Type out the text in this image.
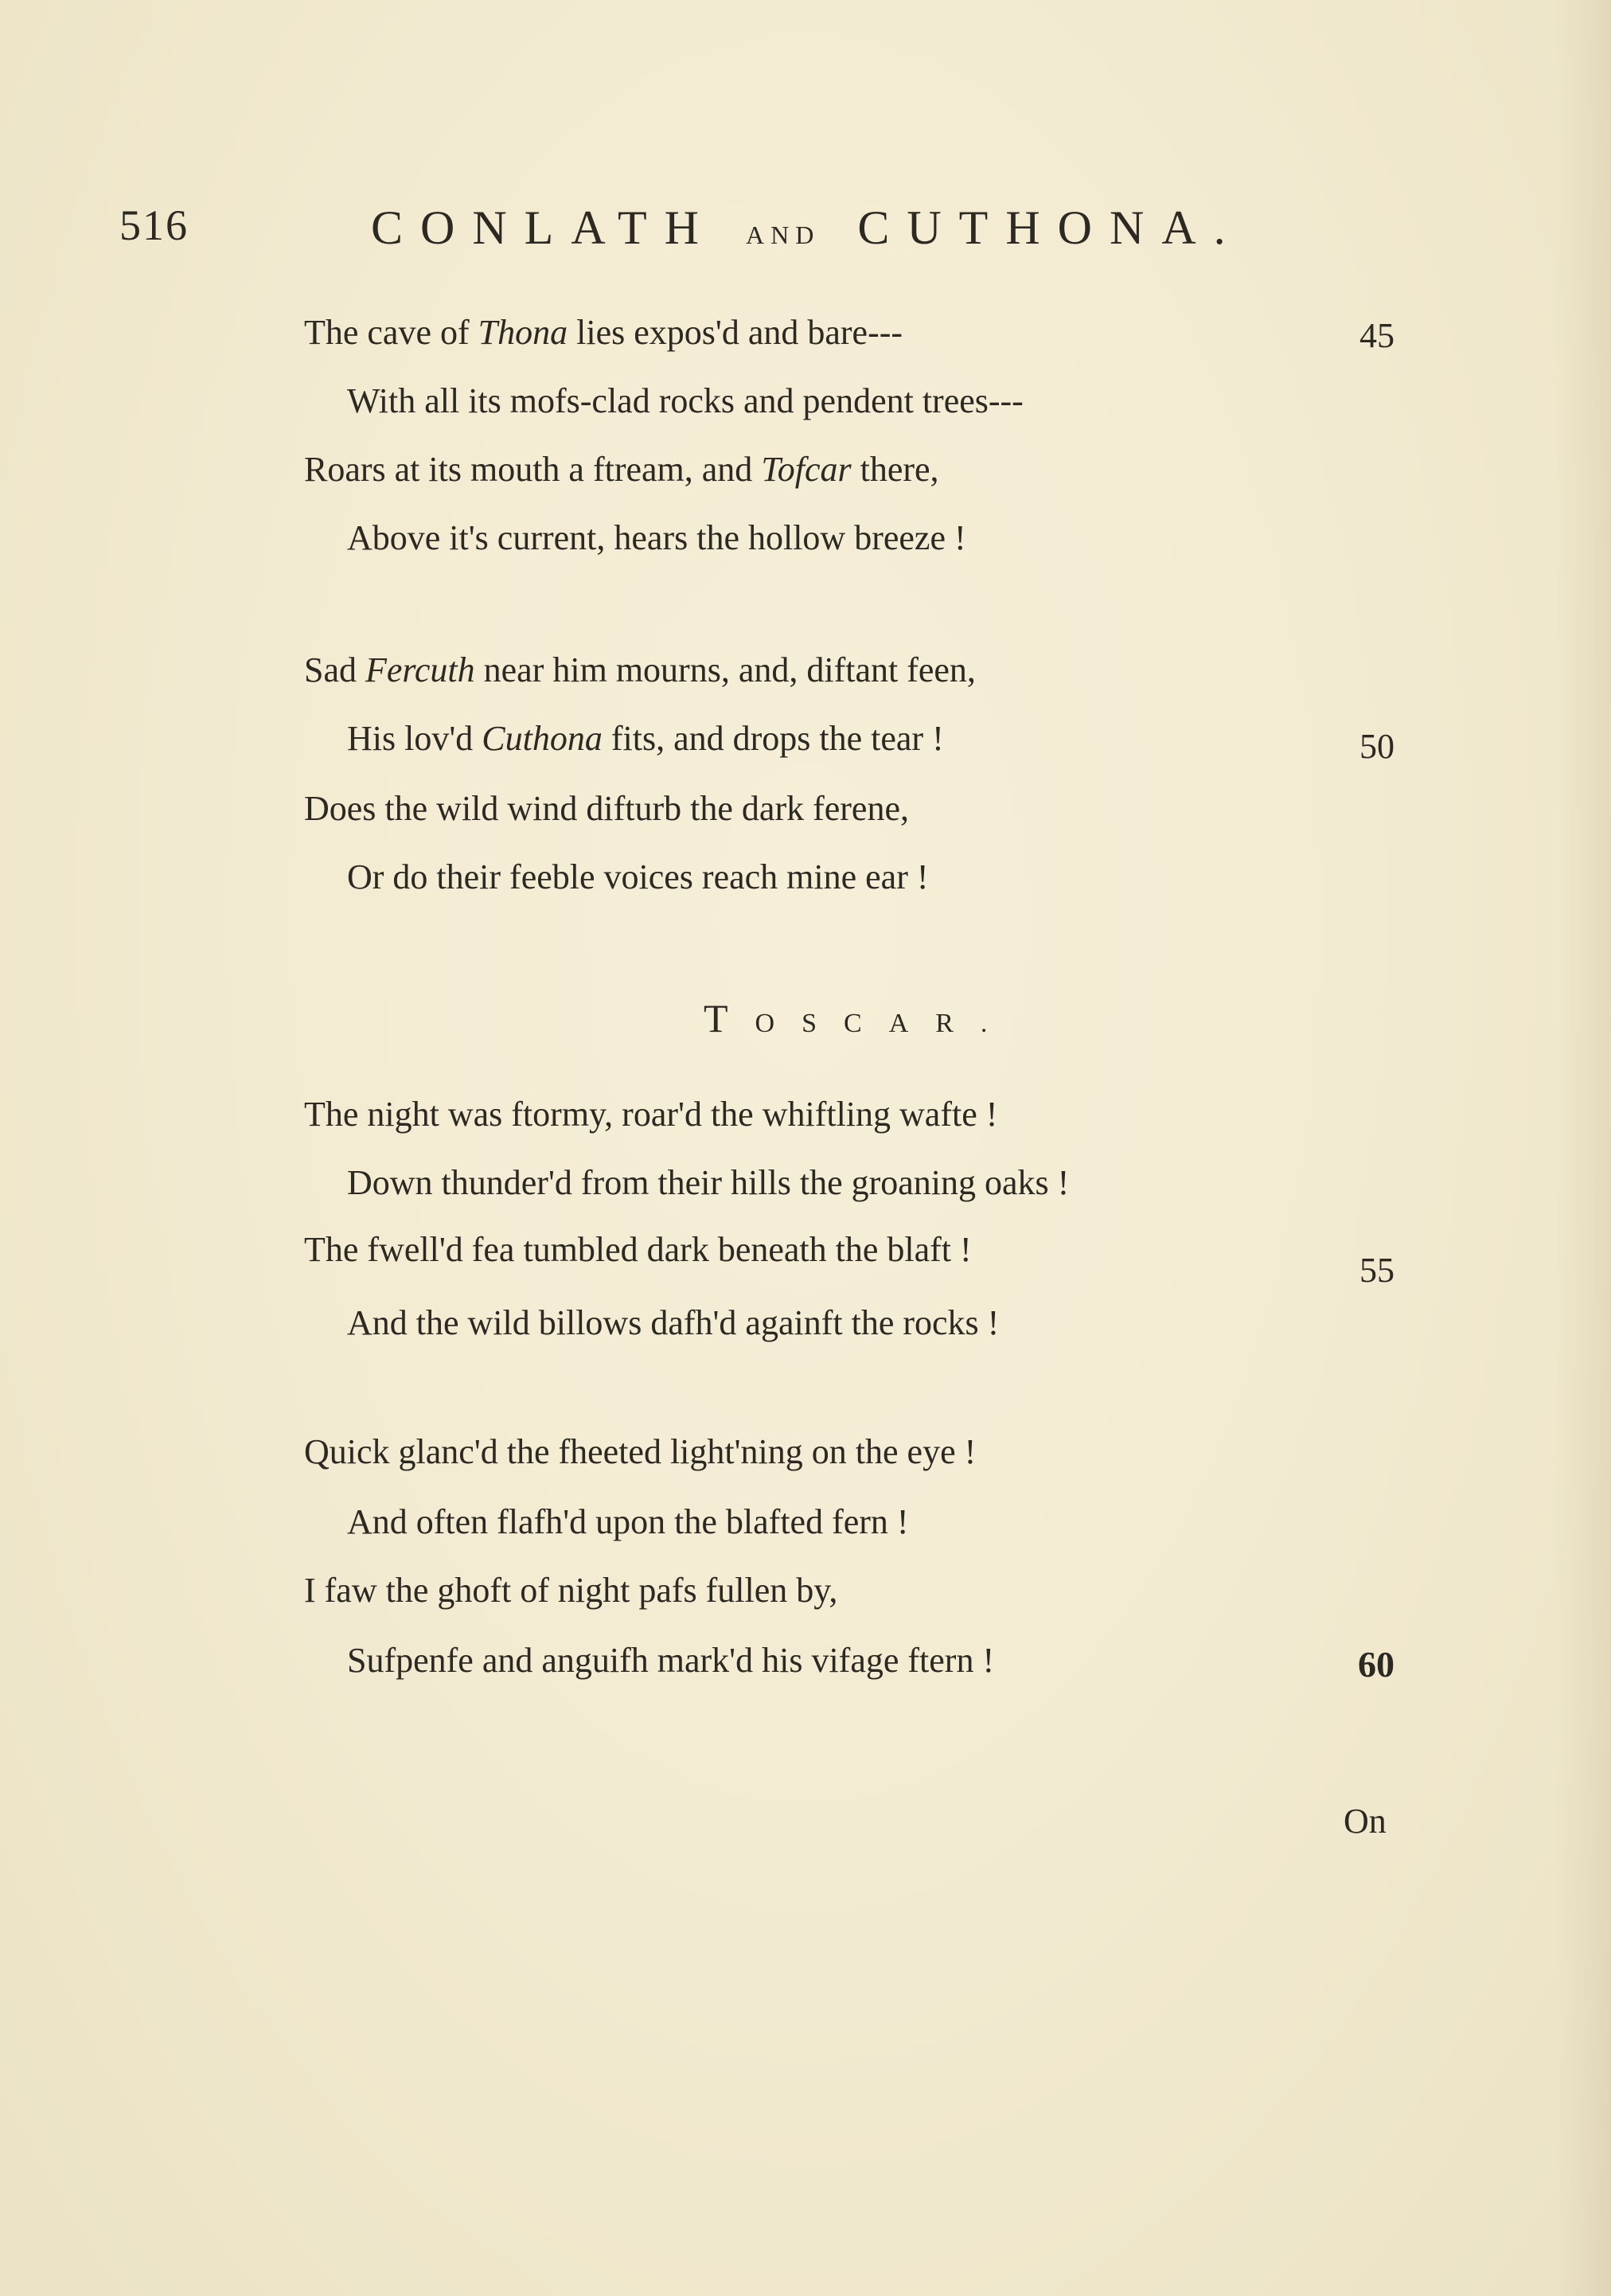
516	CONLATH AND CUTHONA.
The cave of Thona lies expos'd and bare---	45
With all its mofs-clad rocks and pendent trees---
Roars at its mouth a ftream, and Tofcar there,
Above it's current, hears the hollow breeze !
Sad Fercuth near him mourns, and, diftant feen,
His lov'd Cuthona fits, and drops the tear !	50
Does the wild wind difturb the dark ferene,
Or do their feeble voices reach mine ear !
TOSCAR.
The night was ftormy, roar'd the whiftling wafte !
Down thunder'd from their hills the groaning oaks !
The fwell'd fea tumbled dark beneath the blaft !
55
And the wild billows dafh'd againft the rocks !
Quick glanc'd the fheeted light'ning on the eye !
And often flafh'd upon the blafted fern !
I faw the ghoft of night pafs fullen by,
Sufpenfe and anguifh mark'd his vifage ftern !	60
On
